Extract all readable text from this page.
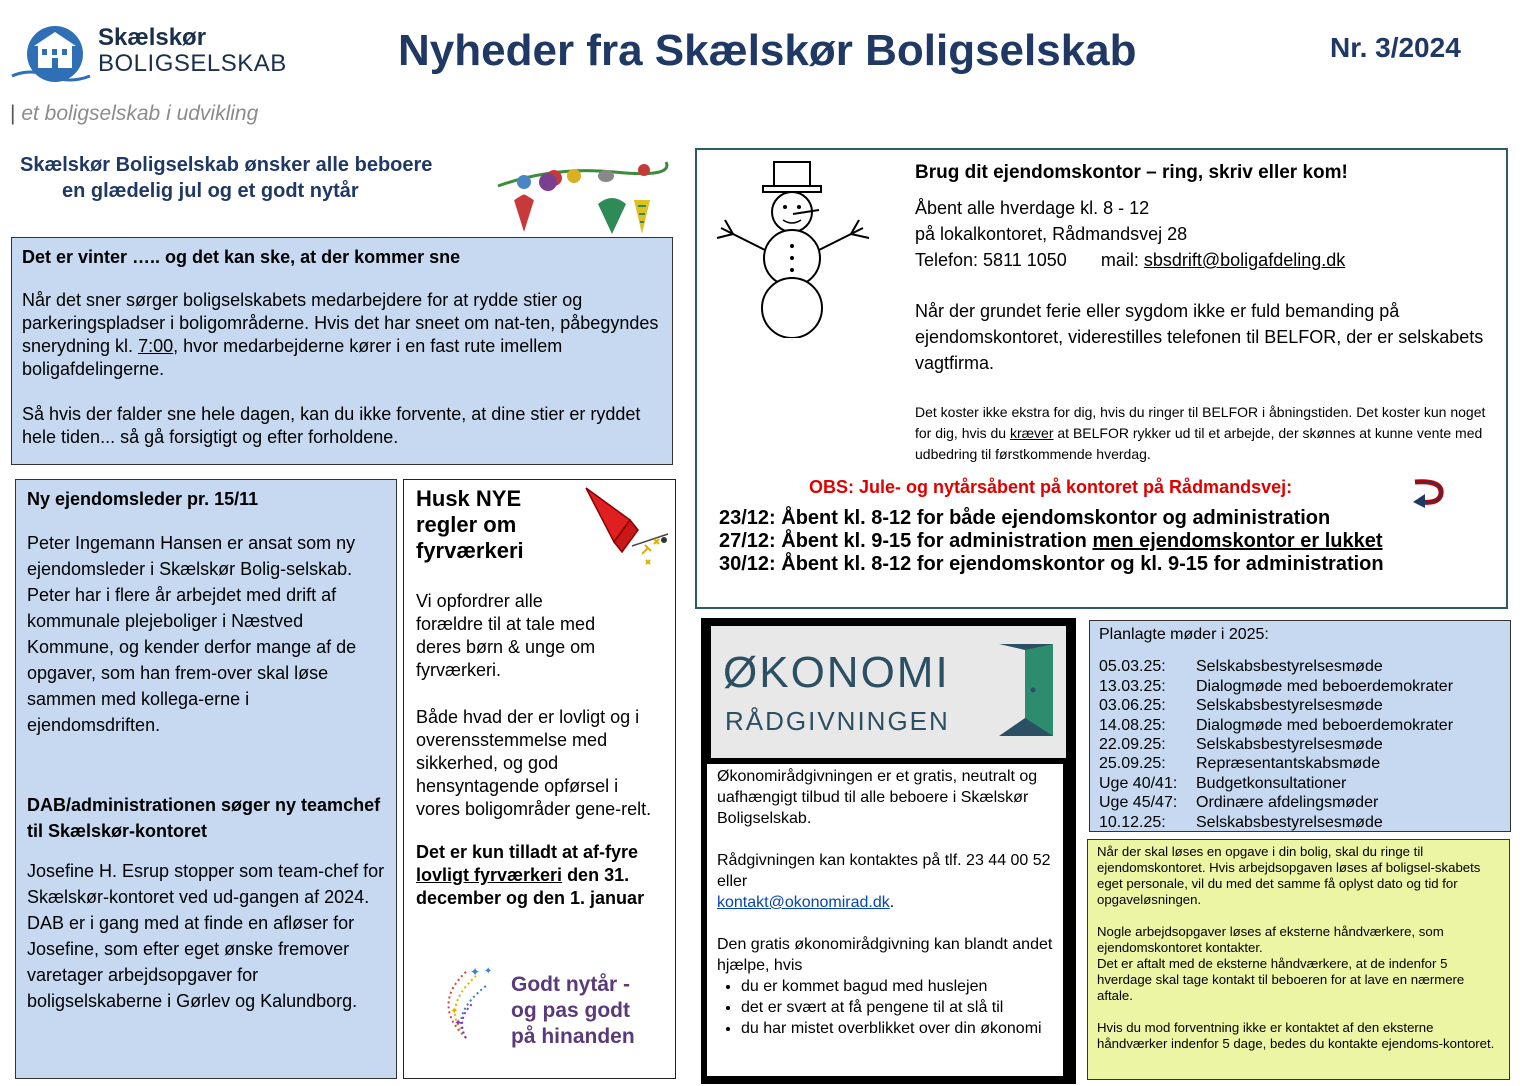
Skælskør
BOLIGSELSKAB
| et boligselskab i udvikling
Nyheder fra Skælskør Boligselskab	Nr. 3/2024
Skælskør Boligselskab ønsker alle beboere
en glædelig jul og et godt nytår
Det er vinter ….. og det kan ske, at der kommer sne

Når det sner sørger boligselskabets medarbejdere for at rydde stier og parkeringspladser i boligområderne. Hvis det har sneet om nat-ten, påbegyndes snerydning kl. 7:00, hvor medarbejderne kører i en fast rute imellem boligafdelingerne.

Så hvis der falder sne hele dagen, kan du ikke forvente, at dine stier er ryddet hele tiden... så gå forsigtigt og efter forholdene.

Brug dit ejendomskontor – ring, skriv eller kom!
Åbent alle hverdage kl. 8 - 12
på lokalkontoret, Rådmandsvej 28
Telefon: 5811 1050 mail: sbsdrift@boligafdeling.dk

Når der grundet ferie eller sygdom ikke er fuld bemanding på ejendomskontoret, viderestilles telefonen til BELFOR, der er selskabets vagtfirma.

Det koster ikke ekstra for dig, hvis du ringer til BELFOR i åbningstiden. Det koster kun noget for dig, hvis du kræver at BELFOR rykker ud til et arbejde, der skønnes at kunne vente med udbedring til førstkommende hverdag.

OBS: Jule- og nytårsåbent på kontoret på Rådmandsvej:
23/12: Åbent kl. 8-12 for både ejendomskontor og administration
27/12: Åbent kl. 9-15 for administration men ejendomskontor er lukket
30/12: Åbent kl. 8-12 for ejendomskontor og kl. 9-15 for administration
Ny ejendomsleder pr. 15/11

Peter Ingemann Hansen er ansat som ny ejendomsleder i Skælskør Bolig-selskab. Peter har i flere år arbejdet med drift af kommunale plejeboliger i Næstved Kommune, og kender derfor mange af de opgaver, som han frem-over skal løse sammen med kollega-erne i ejendomsdriften.

DAB/administrationen søger ny teamchef til Skælskør-kontoret

Josefine H. Esrup stopper som team-chef for Skælskør-kontoret ved ud-gangen af 2024. DAB er i gang med at finde en afløser for Josefine, som efter eget ønske fremover varetager arbejdsopgaver for boligselskaberne i Gørlev og Kalundborg.

Husk NYE
regler om
fyrværkeri

Vi opfordrer alle forældre til at tale med deres børn & unge om fyrværkeri.

Både hvad der er lovligt og i overensstemmelse med sikkerhed, og god hensyntagende opførsel i vores boligområder gene-relt.

Det er kun tilladt at af-fyre lovligt fyrværkeri den 31. december og den 1. januar

✦ ✦
✦
✦
Godt nytår -
og pas godt
på hinanden
ØKONOMI
RÅDGIVNINGEN

Økonomirådgivningen er et gratis, neutralt og uafhængigt tilbud til alle beboere i Skælskør Boligselskab.

Rådgivningen kan kontaktes på tlf. 23 44 00 52 eller
kontakt@okonomirad.dk.

Den gratis økonomirådgivning kan blandt andet hjælpe, hvis

• du er kommet bagud med huslejen
• det er svært at få pengene til at slå til
• du har mistet overblikket over din økonomi
Planlagte møder i 2025:
05.03.25:	Selskabsbestyrelsesmøde
13.03.25:	Dialogmøde med beboerdemokrater
03.06.25:	Selskabsbestyrelsesmøde
14.08.25:	Dialogmøde med beboerdemokrater
22.09.25:	Selskabsbestyrelsesmøde
25.09.25:	Repræsentantskabsmøde
Uge 40/41:	Budgetkonsultationer
Uge 45/47:	Ordinære afdelingsmøder
10.12.25:	Selskabsbestyrelsesmøde

Når der skal løses en opgave i din bolig, skal du ringe til ejendomskontoret. Hvis arbejdsopgaven løses af boligsel-skabets eget personale, vil du med det samme få oplyst dato og tid for opgaveløsningen.

Nogle arbejdsopgaver løses af eksterne håndværkere, som ejendomskontoret kontakter.

Det er aftalt med de eksterne håndværkere, at de indenfor 5 hverdage skal tage kontakt til beboeren for at lave en nærmere aftale.

Hvis du mod forventning ikke er kontaktet af den eksterne håndværker indenfor 5 dage, bedes du kontakte ejendoms-kontoret.
